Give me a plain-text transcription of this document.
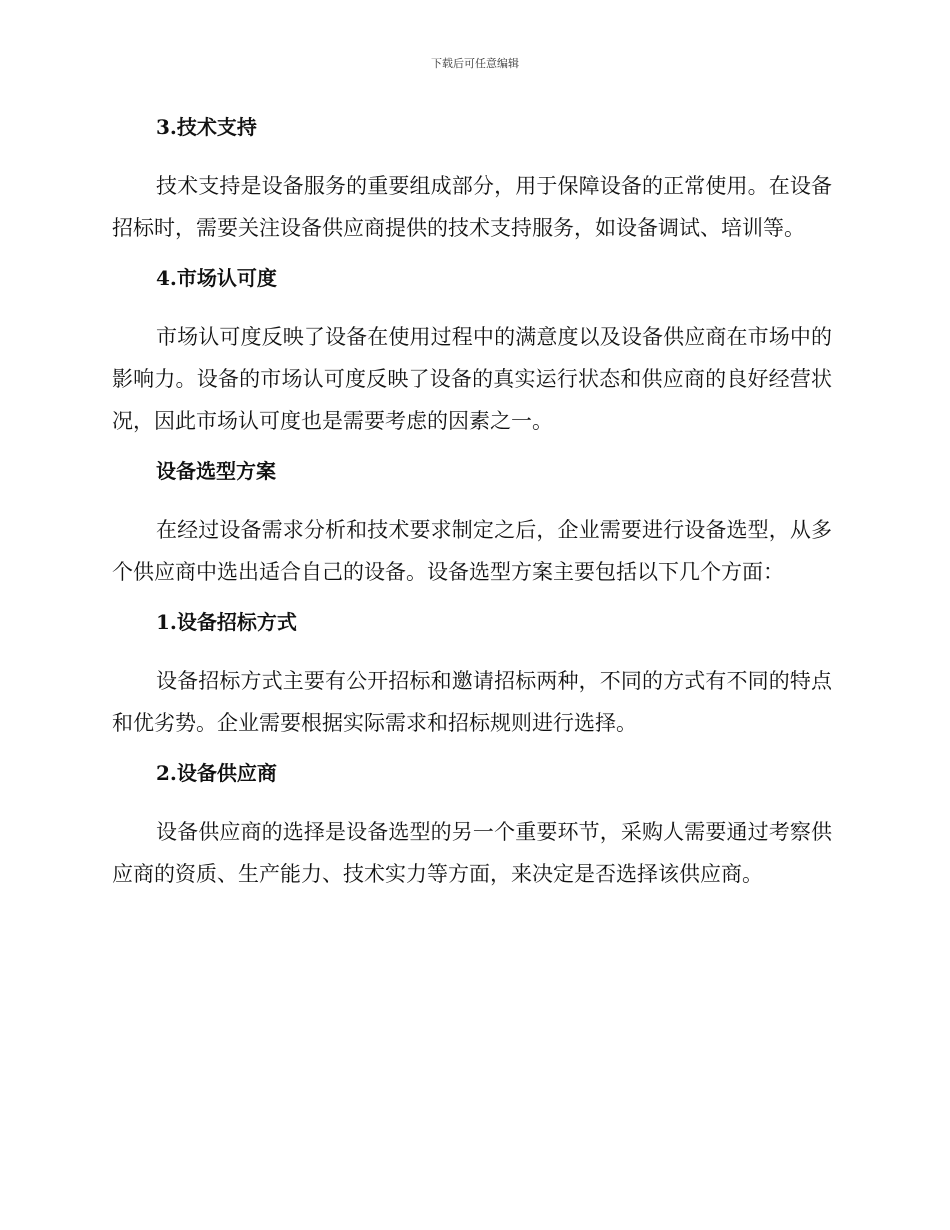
下载后可任意编辑
3.技术支持

技术支持是设备服务的重要组成部分，用于保障设备的正常使用。在设备招标时，需要关注设备供应商提供的技术支持服务，如设备调试、培训等。

4.市场认可度

市场认可度反映了设备在使用过程中的满意度以及设备供应商在市场中的影响力。设备的市场认可度反映了设备的真实运行状态和供应商的良好经营状况，因此市场认可度也是需要考虑的因素之一。

设备选型方案

在经过设备需求分析和技术要求制定之后，企业需要进行设备选型，从多个供应商中选出适合自己的设备。设备选型方案主要包括以下几个方面：

1.设备招标方式

设备招标方式主要有公开招标和邀请招标两种，不同的方式有不同的特点和优劣势。企业需要根据实际需求和招标规则进行选择。

2.设备供应商

设备供应商的选择是设备选型的另一个重要环节，采购人需要通过考察供应商的资质、生产能力、技术实力等方面，来决定是否选择该供应商。
